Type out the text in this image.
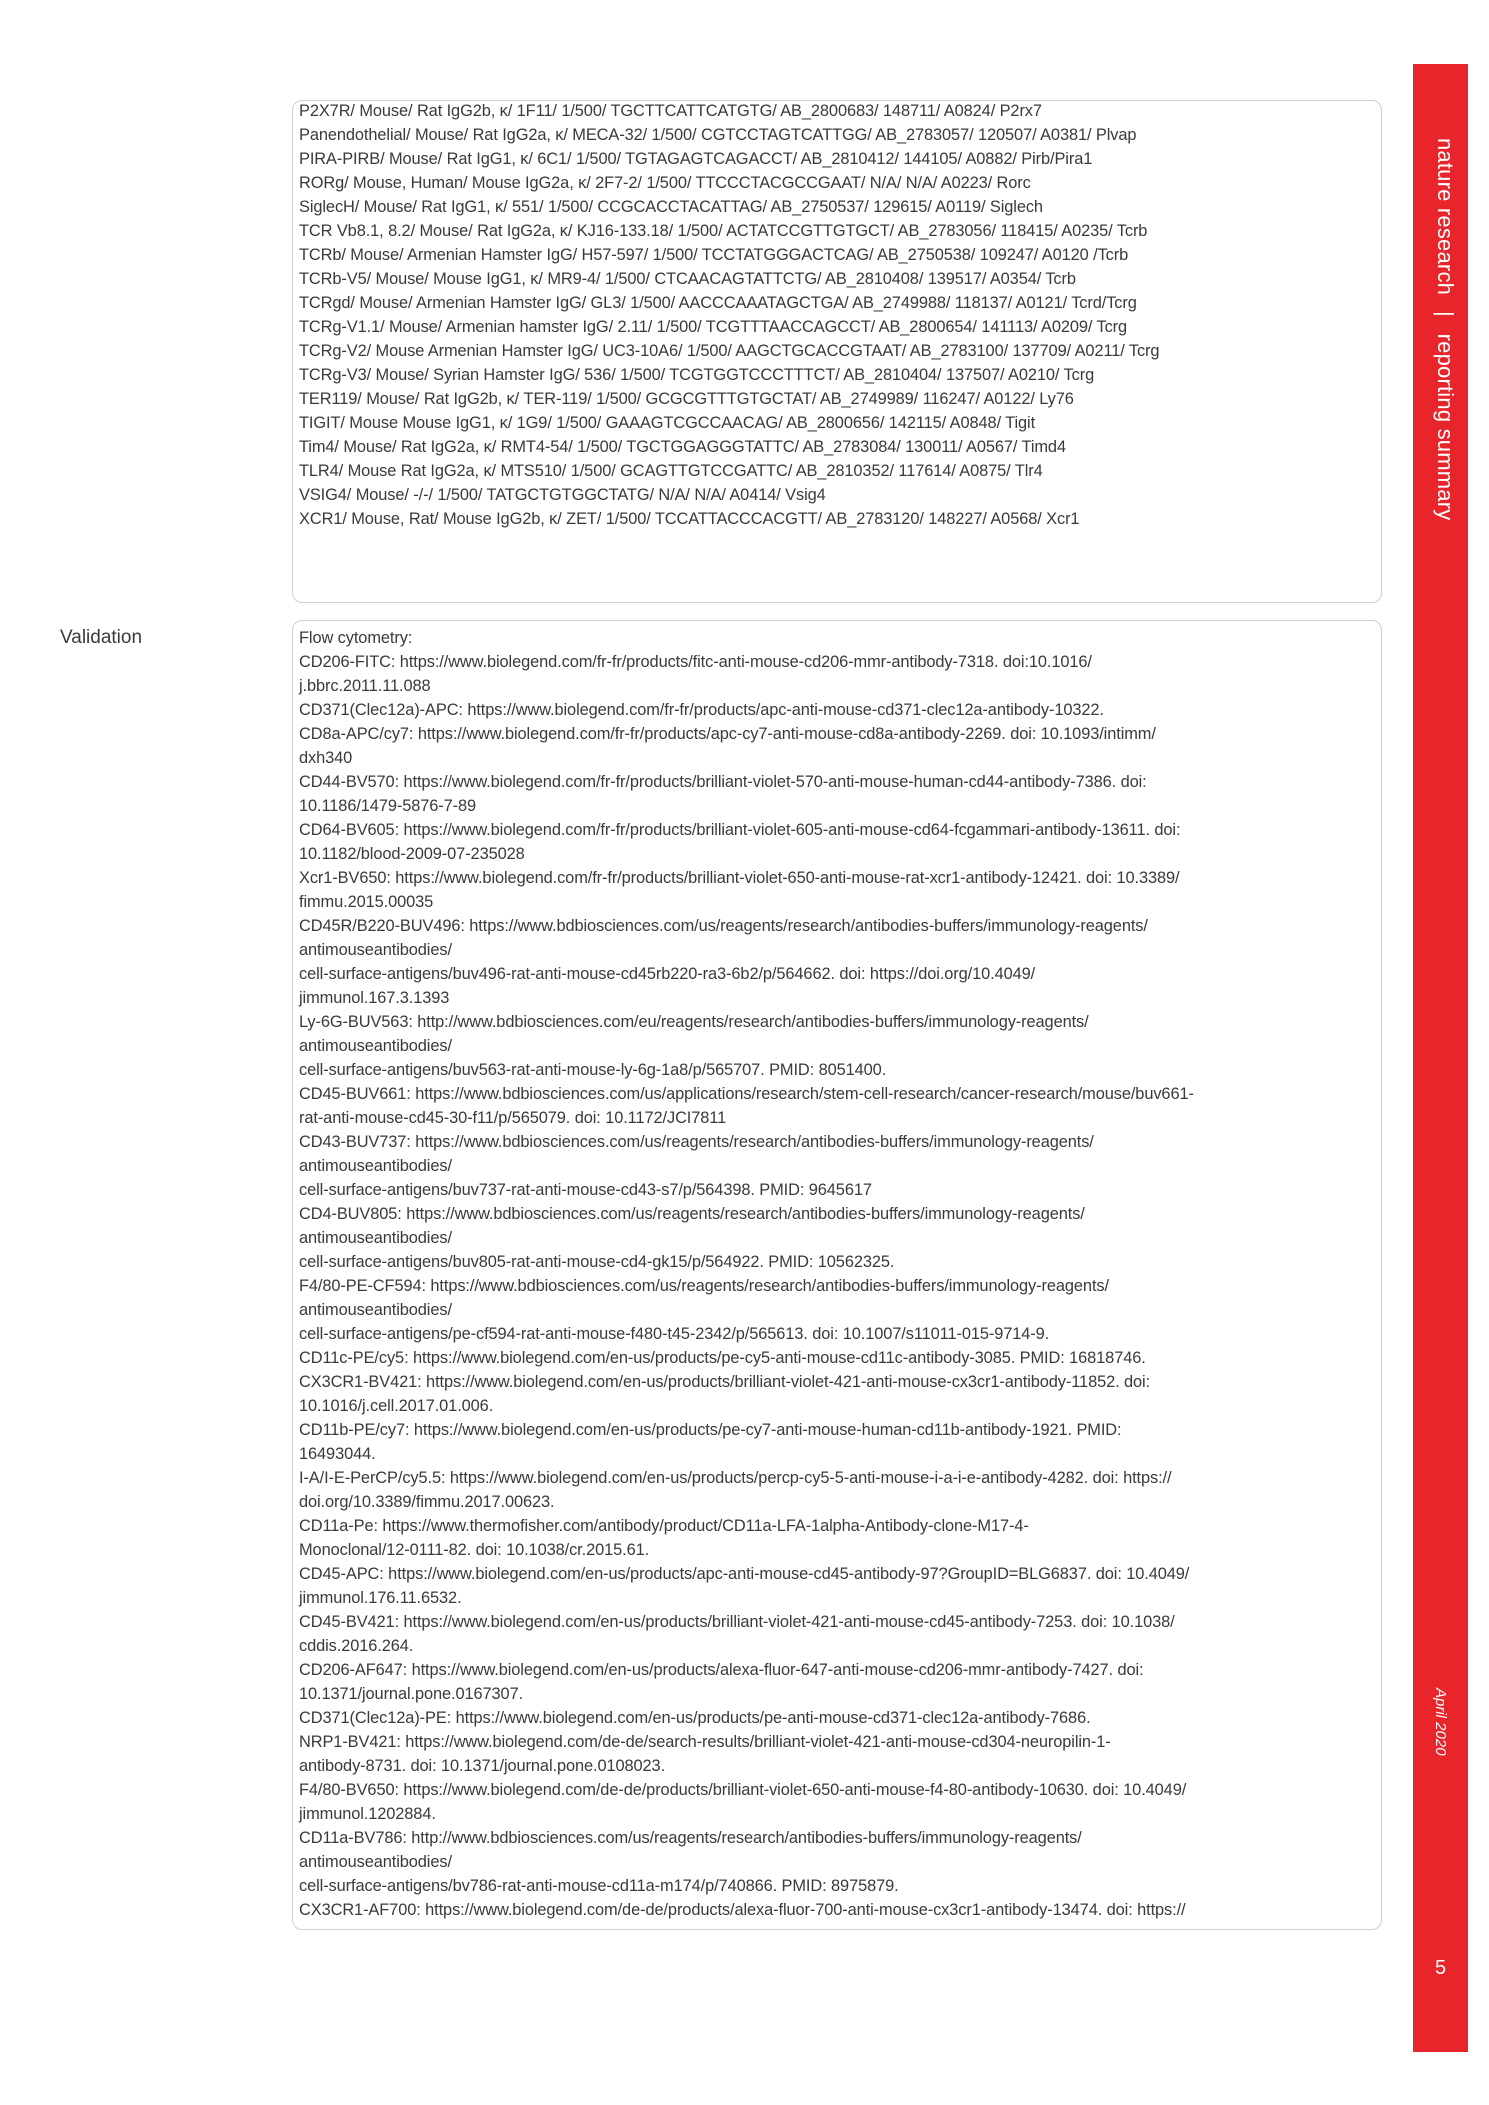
P2X7R/ Mouse/ Rat IgG2b, κ/ 1F11/ 1/500/ TGCTTCATTCATGTG/ AB_2800683/ 148711/ A0824/ P2rx7
Panendothelial/ Mouse/ Rat IgG2a, κ/ MECA-32/ 1/500/ CGTCCTAGTCATTGG/ AB_2783057/ 120507/ A0381/ Plvap
PIRA-PIRB/ Mouse/ Rat IgG1, κ/ 6C1/ 1/500/ TGTAGAGTCAGACCT/ AB_2810412/ 144105/ A0882/ Pirb/Pira1
RORg/ Mouse, Human/ Mouse IgG2a, κ/ 2F7-2/ 1/500/ TTCCCTACGCCGAAT/ N/A/ N/A/ A0223/ Rorc
SiglecH/ Mouse/ Rat IgG1, κ/ 551/ 1/500/ CCGCACCTACATTAG/ AB_2750537/ 129615/ A0119/ Siglech
TCR Vb8.1, 8.2/ Mouse/ Rat IgG2a, κ/ KJ16-133.18/ 1/500/ ACTATCCGTTGTGCT/ AB_2783056/ 118415/ A0235/ Tcrb
TCRb/ Mouse/ Armenian Hamster IgG/ H57-597/ 1/500/ TCCTATGGGACTCAG/ AB_2750538/ 109247/ A0120 /Tcrb
TCRb-V5/ Mouse/ Mouse IgG1, κ/ MR9-4/ 1/500/ CTCAACAGTATTCTG/ AB_2810408/ 139517/ A0354/ Tcrb
TCRgd/ Mouse/ Armenian Hamster IgG/ GL3/ 1/500/ AACCCAAATAGCTGA/ AB_2749988/ 118137/ A0121/ Tcrd/Tcrg
TCRg-V1.1/ Mouse/ Armenian hamster IgG/ 2.11/ 1/500/ TCGTTTAACCAGCCT/ AB_2800654/ 141113/ A0209/ Tcrg
TCRg-V2/ Mouse Armenian Hamster IgG/ UC3-10A6/ 1/500/ AAGCTGCACCGTAAT/ AB_2783100/ 137709/ A0211/ Tcrg
TCRg-V3/ Mouse/ Syrian Hamster IgG/ 536/ 1/500/ TCGTGGTCCCTTTCT/ AB_2810404/ 137507/ A0210/ Tcrg
TER119/ Mouse/ Rat IgG2b, κ/ TER-119/ 1/500/ GCGCGTTTGTGCTAT/ AB_2749989/ 116247/ A0122/ Ly76
TIGIT/ Mouse Mouse IgG1, κ/ 1G9/ 1/500/ GAAAGTCGCCAACAG/ AB_2800656/ 142115/ A0848/ Tigit
Tim4/ Mouse/ Rat IgG2a, κ/ RMT4-54/ 1/500/ TGCTGGAGGGTATTC/ AB_2783084/ 130011/ A0567/ Timd4
TLR4/ Mouse Rat IgG2a, κ/ MTS510/ 1/500/ GCAGTTGTCCGATTC/ AB_2810352/ 117614/ A0875/ Tlr4
VSIG4/ Mouse/ -/-/ 1/500/ TATGCTGTGGCTATG/ N/A/ N/A/ A0414/ Vsig4
XCR1/ Mouse, Rat/ Mouse IgG2b, κ/ ZET/ 1/500/ TCCATTACCCACGTT/ AB_2783120/ 148227/ A0568/ Xcr1
Validation	Flow cytometry:
CD206-FITC: https://www.biolegend.com/fr-fr/products/fitc-anti-mouse-cd206-mmr-antibody-7318. doi:10.1016/
j.bbrc.2011.11.088
CD371(Clec12a)-APC: https://www.biolegend.com/fr-fr/products/apc-anti-mouse-cd371-clec12a-antibody-10322.
CD8a-APC/cy7: https://www.biolegend.com/fr-fr/products/apc-cy7-anti-mouse-cd8a-antibody-2269. doi: 10.1093/intimm/
dxh340
CD44-BV570: https://www.biolegend.com/fr-fr/products/brilliant-violet-570-anti-mouse-human-cd44-antibody-7386. doi:
10.1186/1479-5876-7-89
CD64-BV605: https://www.biolegend.com/fr-fr/products/brilliant-violet-605-anti-mouse-cd64-fcgammari-antibody-13611. doi:
10.1182/blood-2009-07-235028
Xcr1-BV650: https://www.biolegend.com/fr-fr/products/brilliant-violet-650-anti-mouse-rat-xcr1-antibody-12421. doi: 10.3389/
fimmu.2015.00035
CD45R/B220-BUV496: https://www.bdbiosciences.com/us/reagents/research/antibodies-buffers/immunology-reagents/
antimouseantibodies/
cell-surface-antigens/buv496-rat-anti-mouse-cd45rb220-ra3-6b2/p/564662. doi: https://doi.org/10.4049/
jimmunol.167.3.1393
Ly-6G-BUV563: http://www.bdbiosciences.com/eu/reagents/research/antibodies-buffers/immunology-reagents/
antimouseantibodies/
cell-surface-antigens/buv563-rat-anti-mouse-ly-6g-1a8/p/565707. PMID: 8051400.
CD45-BUV661: https://www.bdbiosciences.com/us/applications/research/stem-cell-research/cancer-research/mouse/buv661-
rat-anti-mouse-cd45-30-f11/p/565079. doi: 10.1172/JCI7811
CD43-BUV737: https://www.bdbiosciences.com/us/reagents/research/antibodies-buffers/immunology-reagents/
antimouseantibodies/
cell-surface-antigens/buv737-rat-anti-mouse-cd43-s7/p/564398. PMID: 9645617
CD4-BUV805: https://www.bdbiosciences.com/us/reagents/research/antibodies-buffers/immunology-reagents/
antimouseantibodies/
cell-surface-antigens/buv805-rat-anti-mouse-cd4-gk15/p/564922. PMID: 10562325.
F4/80-PE-CF594: https://www.bdbiosciences.com/us/reagents/research/antibodies-buffers/immunology-reagents/
antimouseantibodies/
cell-surface-antigens/pe-cf594-rat-anti-mouse-f480-t45-2342/p/565613. doi: 10.1007/s11011-015-9714-9.
CD11c-PE/cy5: https://www.biolegend.com/en-us/products/pe-cy5-anti-mouse-cd11c-antibody-3085. PMID: 16818746.
CX3CR1-BV421: https://www.biolegend.com/en-us/products/brilliant-violet-421-anti-mouse-cx3cr1-antibody-11852. doi:
10.1016/j.cell.2017.01.006.
CD11b-PE/cy7: https://www.biolegend.com/en-us/products/pe-cy7-anti-mouse-human-cd11b-antibody-1921. PMID:
16493044.
I-A/I-E-PerCP/cy5.5: https://www.biolegend.com/en-us/products/percp-cy5-5-anti-mouse-i-a-i-e-antibody-4282. doi: https://
doi.org/10.3389/fimmu.2017.00623.
CD11a-Pe: https://www.thermofisher.com/antibody/product/CD11a-LFA-1alpha-Antibody-clone-M17-4-
Monoclonal/12-0111-82. doi: 10.1038/cr.2015.61.
CD45-APC: https://www.biolegend.com/en-us/products/apc-anti-mouse-cd45-antibody-97?GroupID=BLG6837. doi: 10.4049/
jimmunol.176.11.6532.
CD45-BV421: https://www.biolegend.com/en-us/products/brilliant-violet-421-anti-mouse-cd45-antibody-7253. doi: 10.1038/
cddis.2016.264.
CD206-AF647: https://www.biolegend.com/en-us/products/alexa-fluor-647-anti-mouse-cd206-mmr-antibody-7427. doi:
10.1371/journal.pone.0167307.
CD371(Clec12a)-PE: https://www.biolegend.com/en-us/products/pe-anti-mouse-cd371-clec12a-antibody-7686.
NRP1-BV421: https://www.biolegend.com/de-de/search-results/brilliant-violet-421-anti-mouse-cd304-neuropilin-1-
antibody-8731. doi: 10.1371/journal.pone.0108023.
F4/80-BV650: https://www.biolegend.com/de-de/products/brilliant-violet-650-anti-mouse-f4-80-antibody-10630. doi: 10.4049/
jimmunol.1202884.
CD11a-BV786: http://www.bdbiosciences.com/us/reagents/research/antibodies-buffers/immunology-reagents/
antimouseantibodies/
cell-surface-antigens/bv786-rat-anti-mouse-cd11a-m174/p/740866. PMID: 8975879.
CX3CR1-AF700: https://www.biolegend.com/de-de/products/alexa-fluor-700-anti-mouse-cx3cr1-antibody-13474. doi: https://
nature research | reporting summary
April 2020
5
